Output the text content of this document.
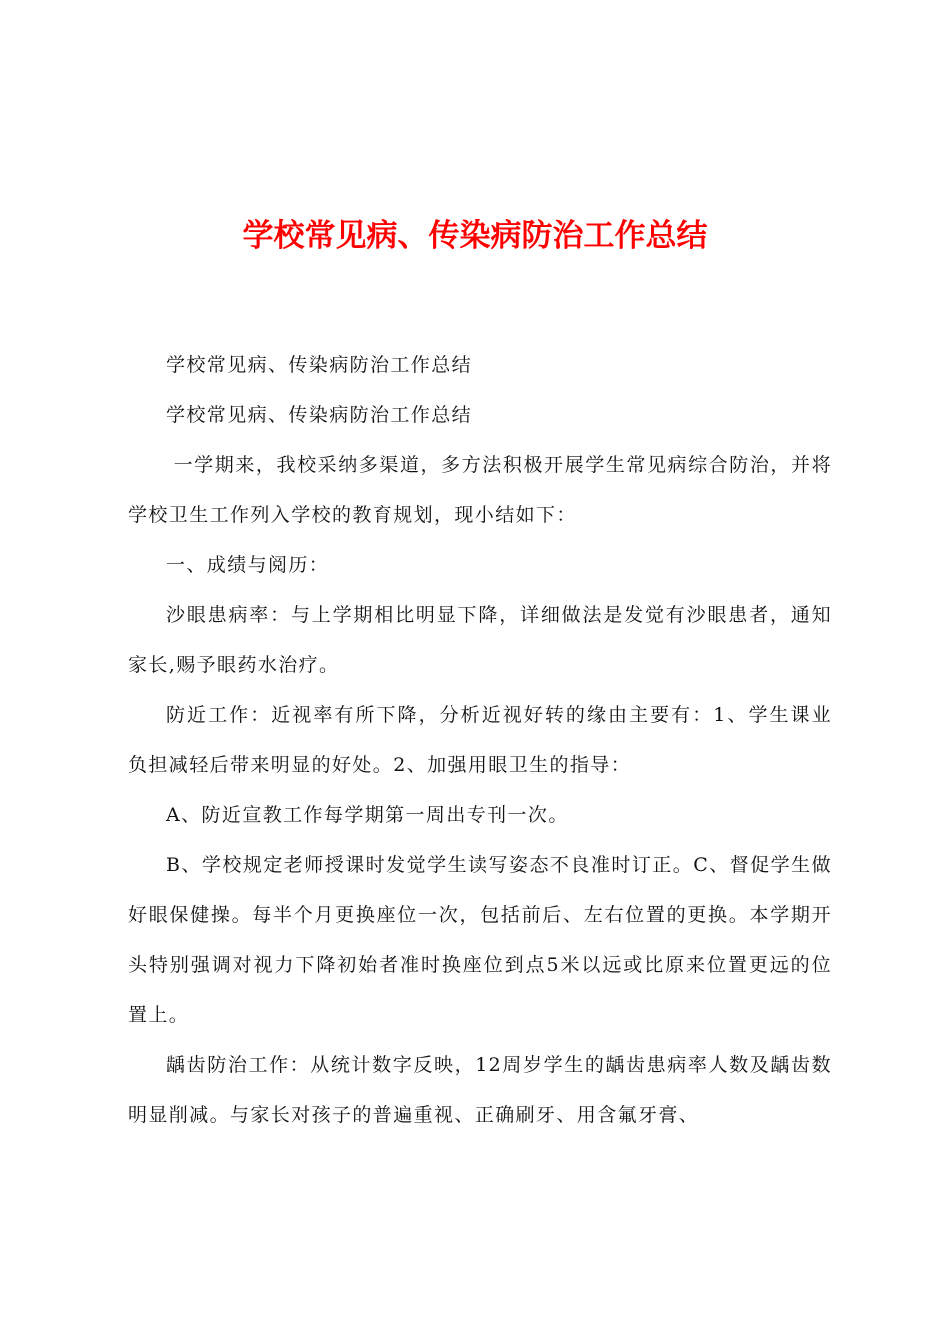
学校常见病、传染病防治工作总结

学校常见病、传染病防治工作总结

学校常见病、传染病防治工作总结

一学期来，我校采纳多渠道，多方法积极开展学生常见病综合防治，并将学校卫生工作列入学校的教育规划，现小结如下：

一、成绩与阅历：

沙眼患病率：与上学期相比明显下降，详细做法是发觉有沙眼患者，通知家长,赐予眼药水治疗。

防近工作：近视率有所下降，分析近视好转的缘由主要有：1、学生课业负担减轻后带来明显的好处。2、加强用眼卫生的指导：

A、防近宣教工作每学期第一周出专刊一次。

B、学校规定老师授课时发觉学生读写姿态不良准时订正。C、督促学生做好眼保健操。每半个月更换座位一次，包括前后、左右位置的更换。本学期开头特别强调对视力下降初始者准时换座位到点5米以远或比原来位置更远的位置上。

龋齿防治工作：从统计数字反映，12周岁学生的龋齿患病率人数及龋齿数明显削减。与家长对孩子的普遍重视、正确刷牙、用含氟牙膏、
